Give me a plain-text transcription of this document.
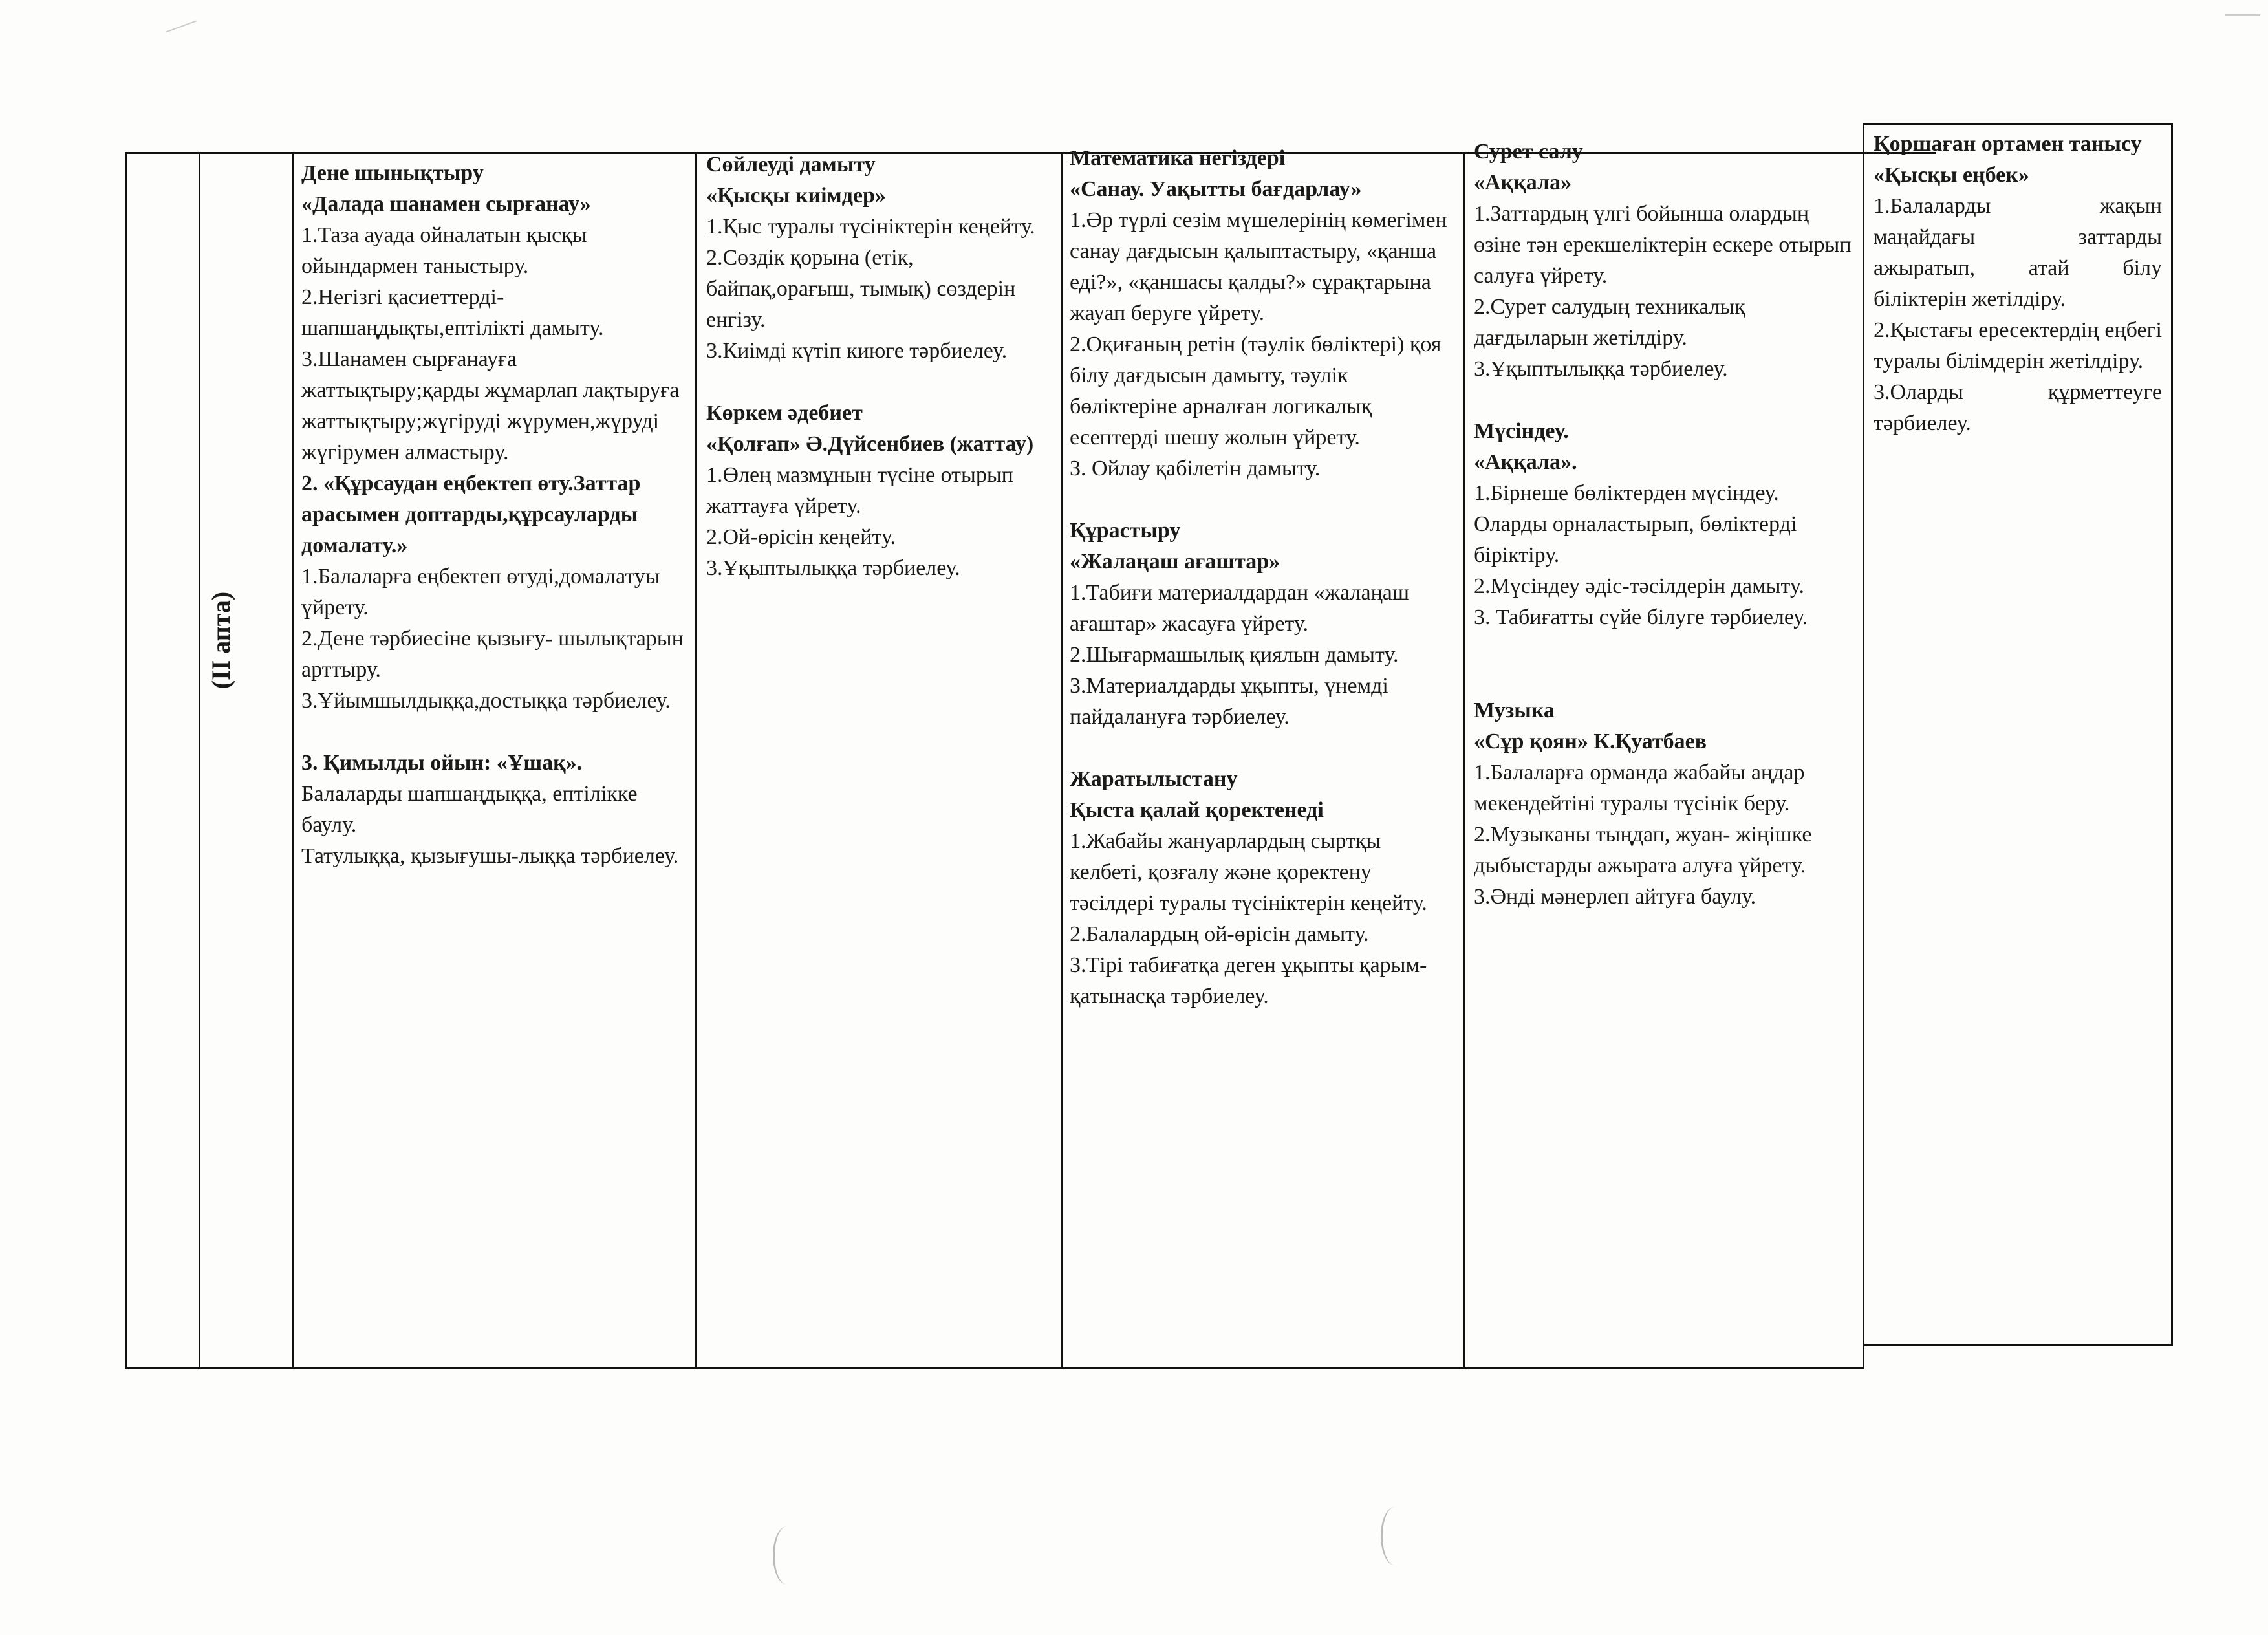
(ІІ апта)

Дене шынықтыру

«Далада шанамен сырғанау»

1.Таза ауада ойналатын қысқы ойындармен таныстыру.

2.Негізгі қасиеттерді- шапшаңдықты,ептілікті дамыту.

3.Шанамен сырғанауға жаттықтыру;қарды жұмарлап лақтыруға жаттықтыру;жүгіруді жүрумен,жүруді жүгірумен алмастыру.

2. «Құрсаудан еңбектеп өту.Заттар арасымен доптарды,құрсауларды домалату.»

1.Балаларға еңбектеп өтуді,домалатуы үйрету.

2.Дене тәрбиесіне қызығу- шылықтарын арттыру.

3.Ұйымшылдыққа,достыққа тәрбиелеу.

3. Қимылды ойын: «Ұшақ».

Балаларды шапшаңдыққа, ептілікке баулу.

Татулыққа, қызығушы-лыққа тәрбиелеу.

Сөйлеуді дамыту

«Қысқы киімдер»

1.Қыс туралы түсініктерін кеңейту.

2.Сөздік қорына (етік, байпақ,орағыш, тымық) сөздерін енгізу.

3.Киімді күтіп киюге тәрбиелеу.

Көркем әдебиет

«Қолғап» Ә.Дүйсенбиев (жаттау)

1.Өлең мазмұнын түсіне отырып жаттауға үйрету.

2.Ой-өрісін кеңейту.

3.Ұқыптылыққа тәрбиелеу.

Математика негіздері

«Санау. Уақытты бағдарлау»

1.Әр түрлі сезім мүшелерінің көмегімен санау дағдысын қалыптастыру, «қанша еді?», «қаншасы қалды?» сұрақтарына жауап беруге үйрету.

2.Оқиғаның ретін (тәулік бөліктері) қоя білу дағдысын дамыту, тәулік бөліктеріне арналған логикалық есептерді шешу жолын үйрету.

3. Ойлау қабілетін дамыту.

Құрастыру

«Жалаңаш ағаштар»

1.Табиғи материалдардан «жалаңаш ағаштар» жасауға үйрету.

2.Шығармашылық қиялын дамыту.

3.Материалдарды ұқыпты, үнемді пайдалануға тәрбиелеу.

Жаратылыстану

Қыста қалай қоректенеді

1.Жабайы жануарлардың сыртқы келбеті, қозғалу және қоректену тәсілдері туралы түсініктерін кеңейту.

2.Балалардың ой-өрісін дамыту.

3.Тірі табиғатқа деген ұқыпты қарым-қатынасқа тәрбиелеу.

Сурет салу

«Аққала»

1.Заттардың үлгі бойынша олардың өзіне тән ерекшеліктерін ескере отырып салуға үйрету.

2.Сурет салудың техникалық дағдыларын жетілдіру.

3.Ұқыптылыққа тәрбиелеу.

Мүсіндеу.

«Аққала».

1.Бірнеше бөліктерден мүсіндеу. Оларды орналастырып, бөліктерді біріктіру.

2.Мүсіндеу әдіс-тәсілдерін дамыту.

3. Табиғатты сүйе білуге тәрбиелеу.

Музыка

«Сұр қоян» К.Қуатбаев

1.Балаларға орманда жабайы аңдар мекендейтіні туралы түсінік беру.

2.Музыканы тыңдап, жуан- жіңішке дыбыстарды ажырата алуға үйрету.

3.Әнді мәнерлеп айтуға баулу.

Қоршаған ортамен танысу

«Қысқы еңбек»

1.Балаларды жақын маңайдағы заттарды ажыратып, атай білу біліктерін жетілдіру.

2.Қыстағы ересектердің еңбегі туралы білімдерін жетілдіру.

3.Оларды құрметтеуге тәрбиелеу.
